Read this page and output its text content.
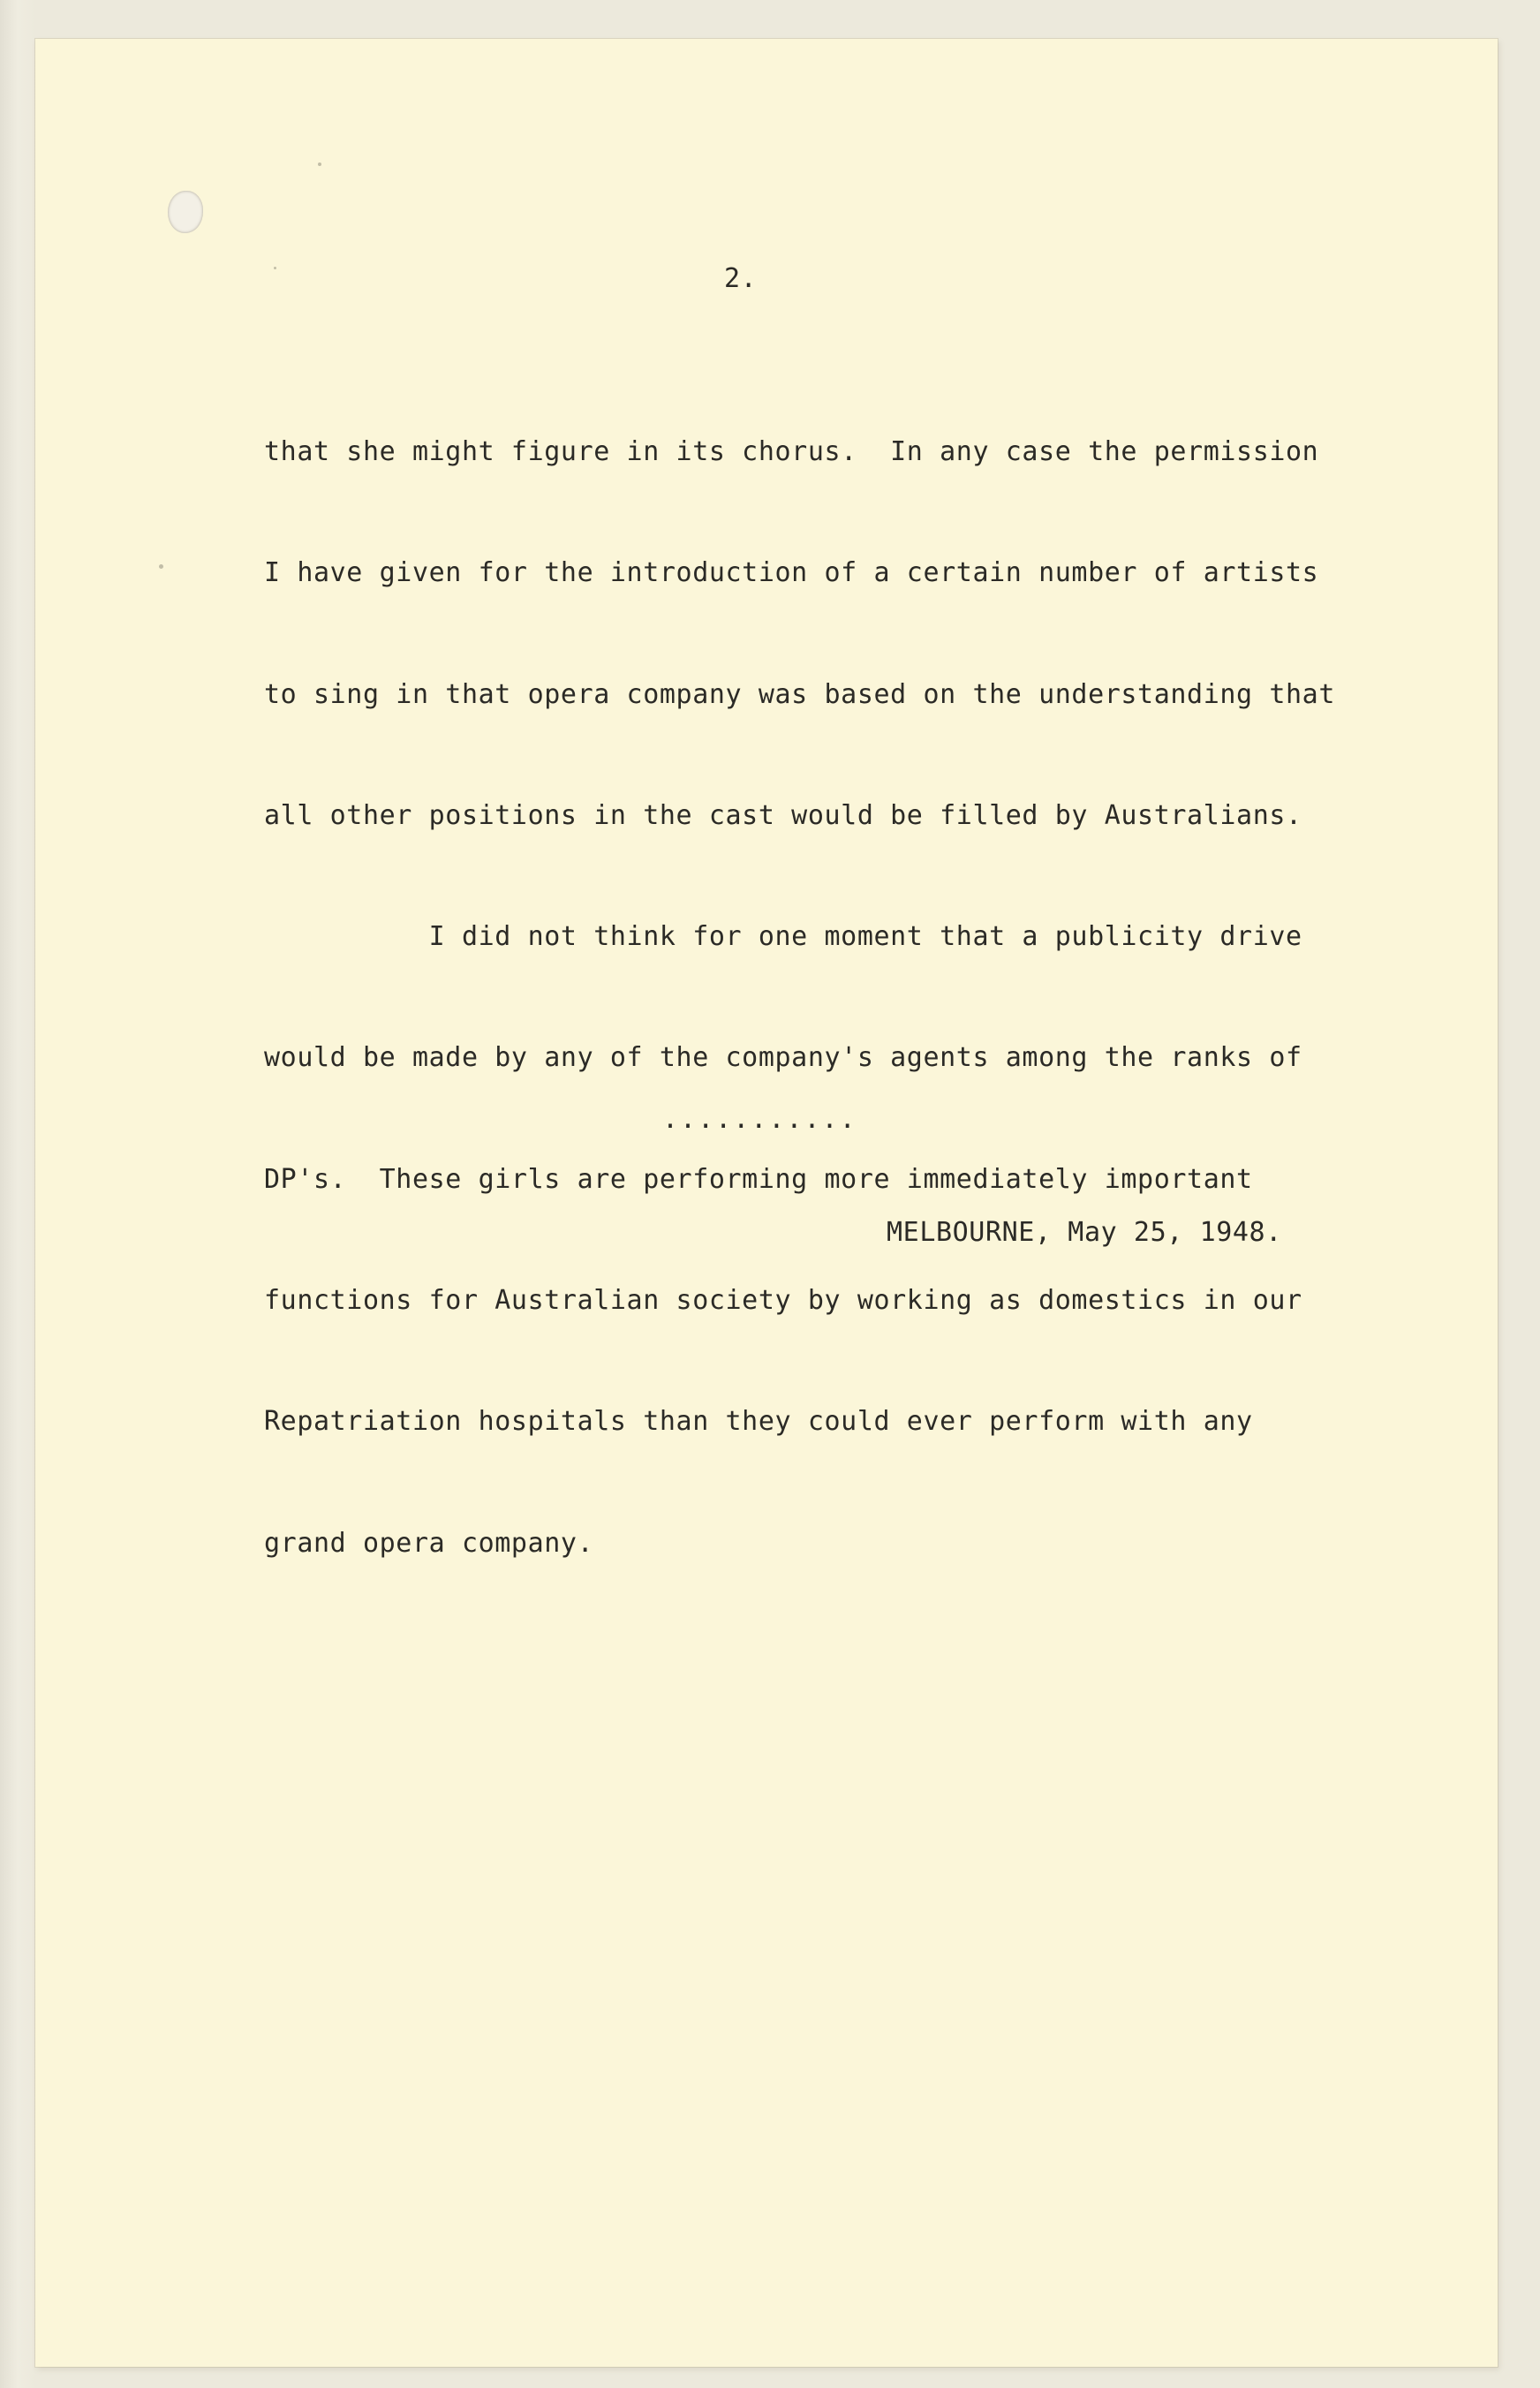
2.

that she might figure in its chorus.  In any case the permission

I have given for the introduction of a certain number of artists

to sing in that opera company was based on the understanding that

all other positions in the cast would be filled by Australians.

I did not think for one moment that a publicity drive

would be made by any of the company's agents among the ranks of

DP's.  These girls are performing more immediately important

functions for Australian society by working as domestics in our

Repatriation hospitals than they could ever perform with any

grand opera company.

...........

MELBOURNE, May 25, 1948.
